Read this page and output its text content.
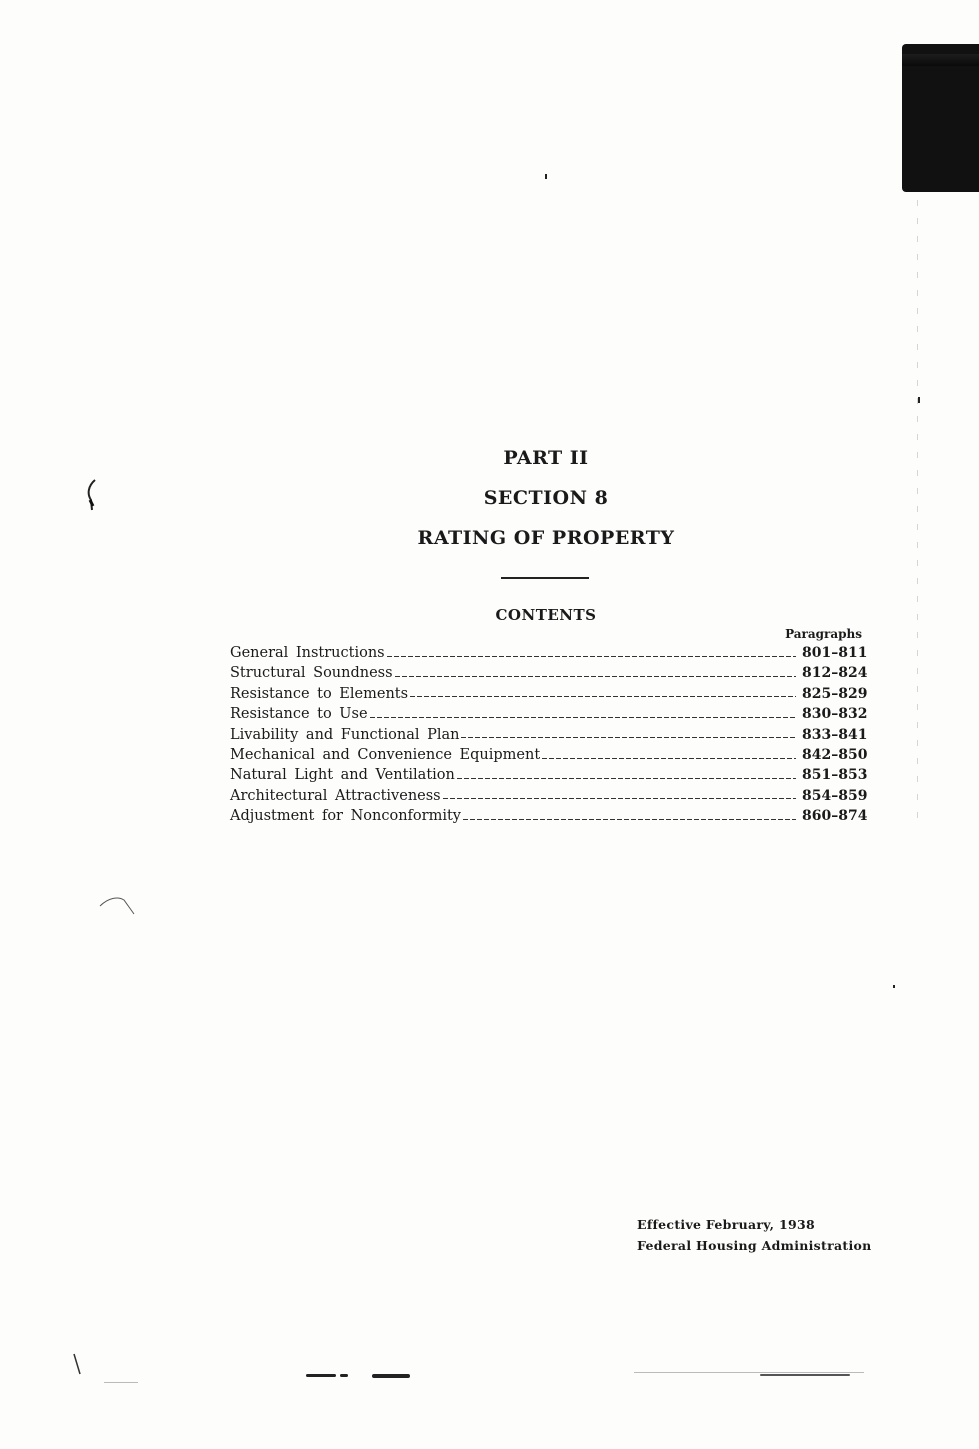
PART II

SECTION 8

RATING OF PROPERTY

CONTENTS
Paragraphs
General Instructions	801–811
Structural Soundness	812–824
Resistance to Elements	825–829
Resistance to Use	830–832
Livability and Functional Plan	833–841
Mechanical and Convenience Equipment	842–850
Natural Light and Ventilation	851–853
Architectural Attractiveness	854–859
Adjustment for Nonconformity	860–874
Effective February, 1938
Federal Housing Administration
